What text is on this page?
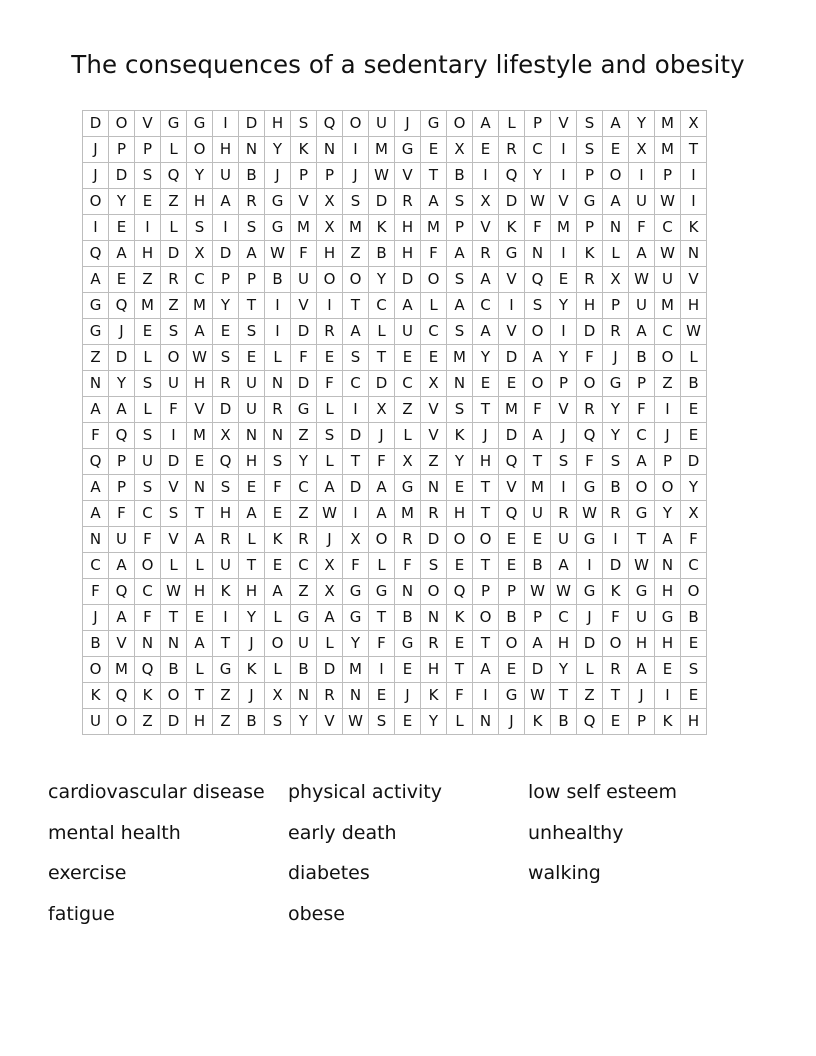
The consequences of a sedentary lifestyle and obesity
D	O	V	G	G	I	D	H	S	Q	O	U	J	G	O	A	L	P	V	S	A	Y	M	X
J	P	P	L	O	H	N	Y	K	N	I	M	G	E	X	E	R	C	I	S	E	X	M	T
J	D	S	Q	Y	U	B	J	P	P	J	W	V	T	B	I	Q	Y	I	P	O	I	P	I
O	Y	E	Z	H	A	R	G	V	X	S	D	R	A	S	X	D	W	V	G	A	U	W	I
I	E	I	L	S	I	S	G	M	X	M	K	H	M	P	V	K	F	M	P	N	F	C	K
Q	A	H	D	X	D	A	W	F	H	Z	B	H	F	A	R	G	N	I	K	L	A	W	N
A	E	Z	R	C	P	P	B	U	O	O	Y	D	O	S	A	V	Q	E	R	X	W	U	V
G	Q	M	Z	M	Y	T	I	V	I	T	C	A	L	A	C	I	S	Y	H	P	U	M	H
G	J	E	S	A	E	S	I	D	R	A	L	U	C	S	A	V	O	I	D	R	A	C	W
Z	D	L	O	W	S	E	L	F	E	S	T	E	E	M	Y	D	A	Y	F	J	B	O	L
N	Y	S	U	H	R	U	N	D	F	C	D	C	X	N	E	E	O	P	O	G	P	Z	B
A	A	L	F	V	D	U	R	G	L	I	X	Z	V	S	T	M	F	V	R	Y	F	I	E
F	Q	S	I	M	X	N	N	Z	S	D	J	L	V	K	J	D	A	J	Q	Y	C	J	E
Q	P	U	D	E	Q	H	S	Y	L	T	F	X	Z	Y	H	Q	T	S	F	S	A	P	D
A	P	S	V	N	S	E	F	C	A	D	A	G	N	E	T	V	M	I	G	B	O	O	Y
A	F	C	S	T	H	A	E	Z	W	I	A	M	R	H	T	Q	U	R	W	R	G	Y	X
N	U	F	V	A	R	L	K	R	J	X	O	R	D	O	O	E	E	U	G	I	T	A	F
C	A	O	L	L	U	T	E	C	X	F	L	F	S	E	T	E	B	A	I	D	W	N	C
F	Q	C	W	H	K	H	A	Z	X	G	G	N	O	Q	P	P	W	W	G	K	G	H	O
J	A	F	T	E	I	Y	L	G	A	G	T	B	N	K	O	B	P	C	J	F	U	G	B
B	V	N	N	A	T	J	O	U	L	Y	F	G	R	E	T	O	A	H	D	O	H	H	E
O	M	Q	B	L	G	K	L	B	D	M	I	E	H	T	A	E	D	Y	L	R	A	E	S
K	Q	K	O	T	Z	J	X	N	R	N	E	J	K	F	I	G	W	T	Z	T	J	I	E
U	O	Z	D	H	Z	B	S	Y	V	W	S	E	Y	L	N	J	K	B	Q	E	P	K	H
cardiovascular disease	physical activity	low self esteem
mental health	early death	unhealthy
exercise	diabetes	walking
fatigue	obese
